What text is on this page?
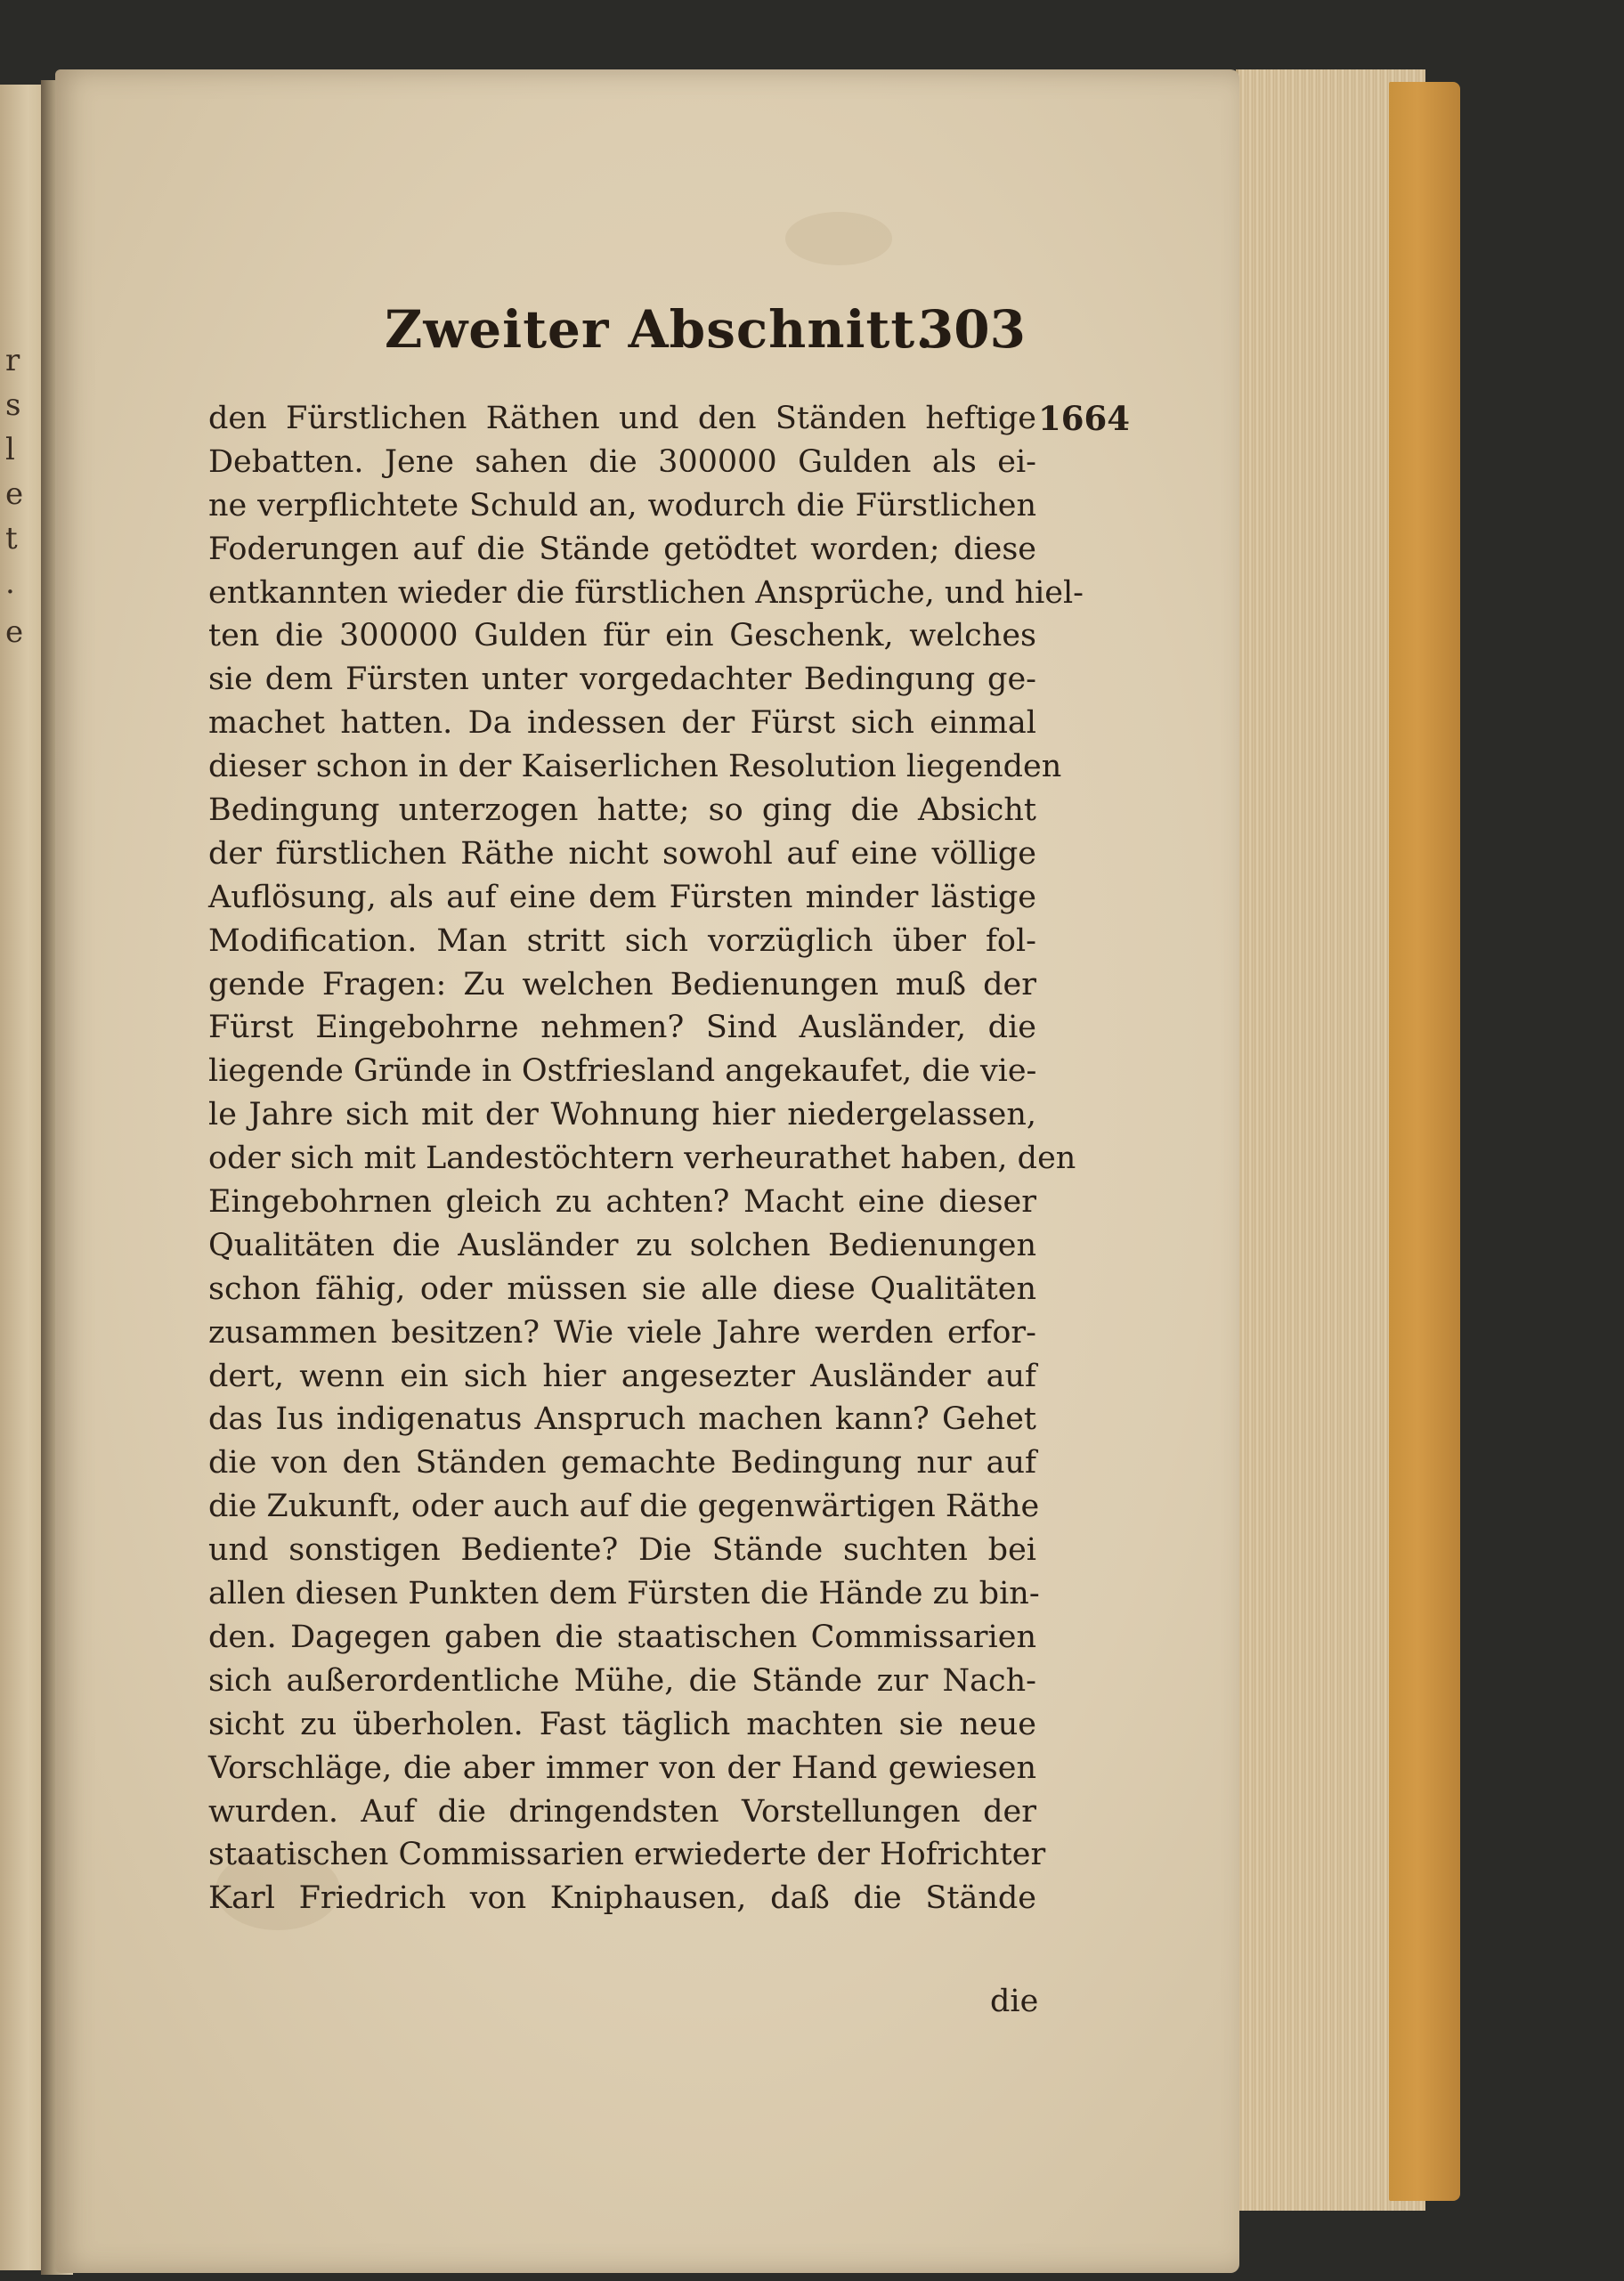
r
s
l
e
t
.
e
Zweiter Abschnitt.
303
1664
den Fürstlichen Räthen und den Ständen heftige
Debatten. Jene sahen die 300000 Gulden als ei-
ne verpflichtete Schuld an, wodurch die Fürstlichen
Foderungen auf die Stände getödtet worden; diese
entkannten wieder die fürstlichen Ansprüche, und hiel-
ten die 300000 Gulden für ein Geschenk, welches
sie dem Fürsten unter vorgedachter Bedingung ge-
machet hatten. Da indessen der Fürst sich einmal
dieser schon in der Kaiserlichen Resolution liegenden
Bedingung unterzogen hatte; so ging die Absicht
der fürstlichen Räthe nicht sowohl auf eine völlige
Auflösung, als auf eine dem Fürsten minder lästige
Modification. Man stritt sich vorzüglich über fol-
gende Fragen: Zu welchen Bedienungen muß der
Fürst Eingebohrne nehmen? Sind Ausländer, die
liegende Gründe in Ostfriesland angekaufet, die vie-
le Jahre sich mit der Wohnung hier niedergelassen,
oder sich mit Landestöchtern verheurathet haben, den
Eingebohrnen gleich zu achten? Macht eine dieser
Qualitäten die Ausländer zu solchen Bedienungen
schon fähig, oder müssen sie alle diese Qualitäten
zusammen besitzen? Wie viele Jahre werden erfor-
dert, wenn ein sich hier angesezter Ausländer auf
das Ius indigenatus Anspruch machen kann? Gehet
die von den Ständen gemachte Bedingung nur auf
die Zukunft, oder auch auf die gegenwärtigen Räthe
und sonstigen Bediente? Die Stände suchten bei
allen diesen Punkten dem Fürsten die Hände zu bin-
den. Dagegen gaben die staatischen Commissarien
sich außerordentliche Mühe, die Stände zur Nach-
sicht zu überholen. Fast täglich machten sie neue
Vorschläge, die aber immer von der Hand gewiesen
wurden. Auf die dringendsten Vorstellungen der
staatischen Commissarien erwiederte der Hofrichter
Karl Friedrich von Kniphausen, daß die Stände
die
